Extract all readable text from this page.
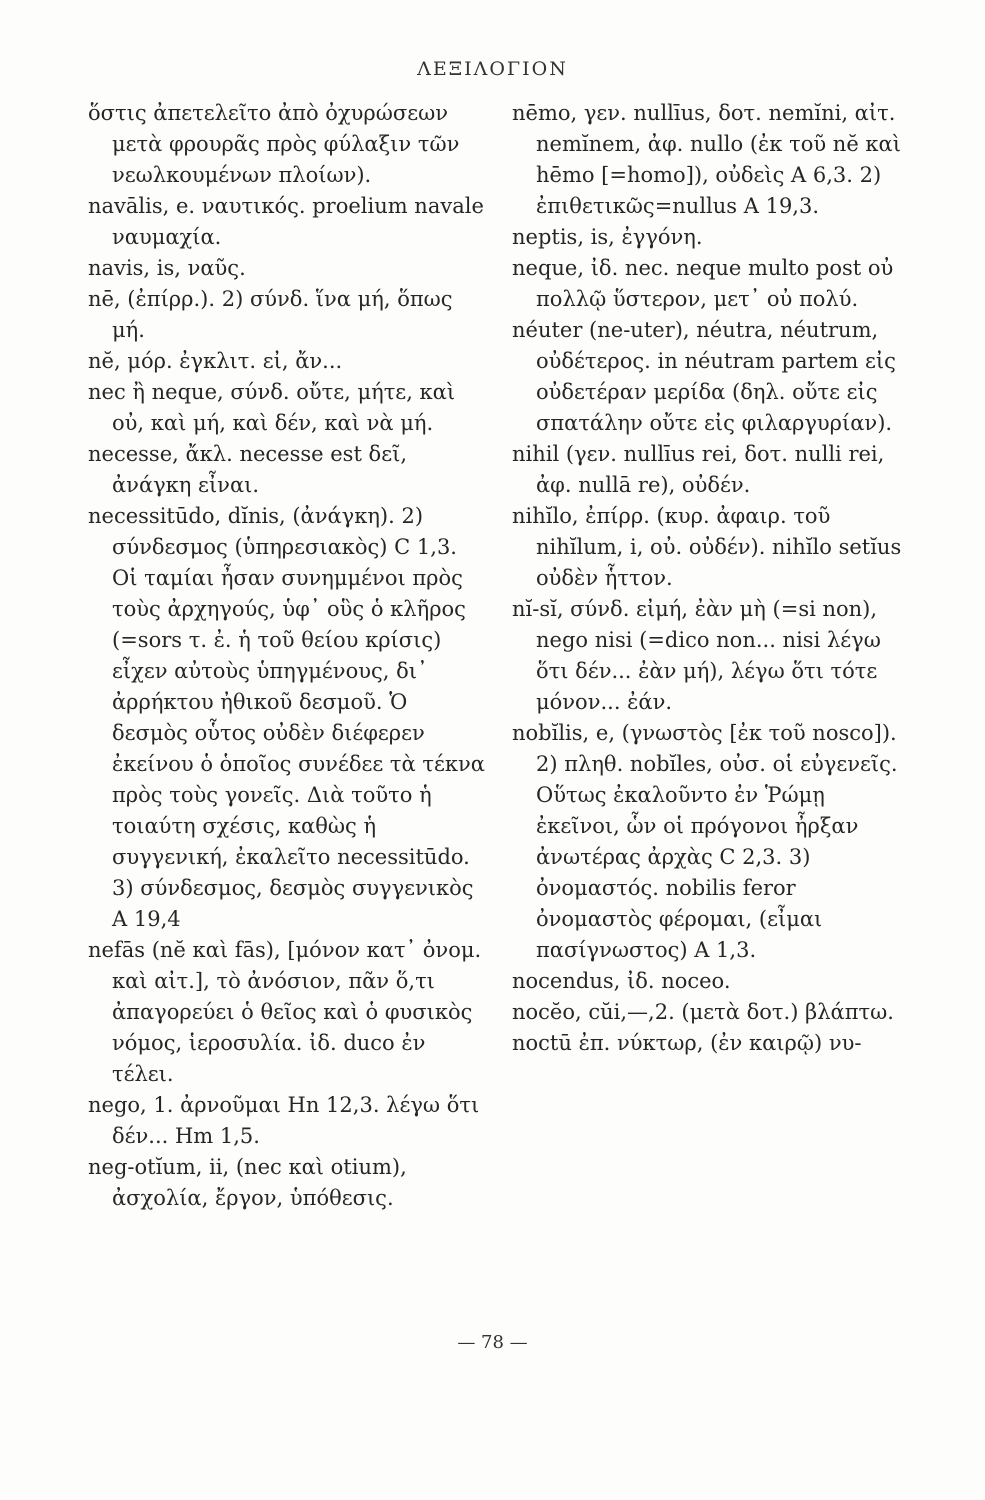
ΛΕΞΙΛΟΓΙΟΝ

ὅστις ἀπετελεῖτο ἀπὸ ὀχυρώσεων μετὰ φρουρᾶς πρὸς φύλαξιν τῶν νεωλκουμένων πλοίων).

navālis, e. ναυτικός. proelium navale ναυμαχία.

navis, is, ναῦς.

nē, (ἐπίρρ.). 2) σύνδ. ἵνα μή, ὅπως μή.

nĕ, μόρ. ἐγκλιτ. εἰ, ἄν...

nec ἢ neque, σύνδ. οὔτε, μήτε, καὶ οὐ, καὶ μή, καὶ δέν, καὶ νὰ μή.

necesse, ἄκλ. necesse est δεῖ, ἀνάγκη εἶναι.

necessitūdo, dĭnis, (ἀνάγκη). 2) σύνδεσμος (ὑπηρεσιακὸς) C 1,3. Οἱ ταμίαι ἦσαν συνημμένοι πρὸς τοὺς ἀρχηγούς, ὑφ᾽ οὓς ὁ κλῆρος (=sors τ. ἐ. ἡ τοῦ θείου κρίσις) εἶχεν αὐτοὺς ὑπηγμένους, δι᾽ ἀρρήκτου ἠθικοῦ δεσμοῦ. Ὁ δεσμὸς οὗτος οὐδὲν διέφερεν ἐκείνου ὁ ὁποῖος συνέδεε τὰ τέκνα πρὸς τοὺς γονεῖς. Διὰ τοῦτο ἡ τοιαύτη σχέσις, καθὼς ἡ συγγενική, ἐκαλεῖτο necessitūdo. 3) σύνδεσμος, δεσμὸς συγγενικὸς A 19,4

nefās (nĕ καὶ fās), [μόνον κατ᾽ ὀνομ. καὶ αἰτ.], τὸ ἀνόσιον, πᾶν ὅ,τι ἀπαγορεύει ὁ θεῖος καὶ ὁ φυσικὸς νόμος, ἱεροσυλία. ἰδ. duco ἐν τέλει.

nego, 1. ἀρνοῦμαι Hn 12,3. λέγω ὅτι δέν... Hm 1,5.

neg-otĭum, ii, (nec καὶ otium), ἀσχολία, ἔργον, ὑπόθεσις.

nēmo, γεν. nullīus, δοτ. nemĭni, αἰτ. nemĭnem, ἀφ. nullo (ἐκ τοῦ nĕ καὶ hēmo [=homo]), οὐδεὶς A 6,3. 2) ἐπιθετικῶς=nullus A 19,3.

neptis, is, ἐγγόνη.

neque, ἰδ. nec. neque multo post οὐ πολλῷ ὕστερον, μετ᾽ οὐ πολύ.

néuter (ne-uter), néutra, néutrum, οὐδέτερος. in néutram partem εἰς οὐδετέραν μερίδα (δηλ. οὔτε εἰς σπατάλην οὔτε εἰς φιλαργυρίαν).

nihil (γεν. nullīus rei, δοτ. nulli rei, ἀφ. nullā re), οὐδέν.

nihĭlo, ἐπίρρ. (κυρ. ἀφαιρ. τοῦ nihĭlum, i, οὐ. οὐδέν). nihĭlo setĭus οὐδὲν ἧττον.

nĭ-sĭ, σύνδ. εἰμή, ἐὰν μὴ (=si non), nego nisi (=dico non... nisi λέγω ὅτι δέν... ἐὰν μή), λέγω ὅτι τότε μόνον... ἐάν.

nobĭlis, e, (γνωστὸς [ἐκ τοῦ nosco]). 2) πληθ. nobĭles, οὐσ. οἱ εὐγενεῖς. Οὕτως ἐκαλοῦντο ἐν Ῥώμῃ ἐκεῖνοι, ὧν οἱ πρόγονοι ἦρξαν ἀνωτέρας ἀρχὰς C 2,3. 3) ὀνομαστός. nobilis feror ὀνομαστὸς φέρομαι, (εἶμαι πασίγνωστος) A 1,3.

nocendus, ἰδ. noceo.

nocĕo, cŭi,—,2. (μετὰ δοτ.) βλάπτω.

noctū ἐπ. νύκτωρ, (ἐν καιρῷ) νυ-

— 78 —
